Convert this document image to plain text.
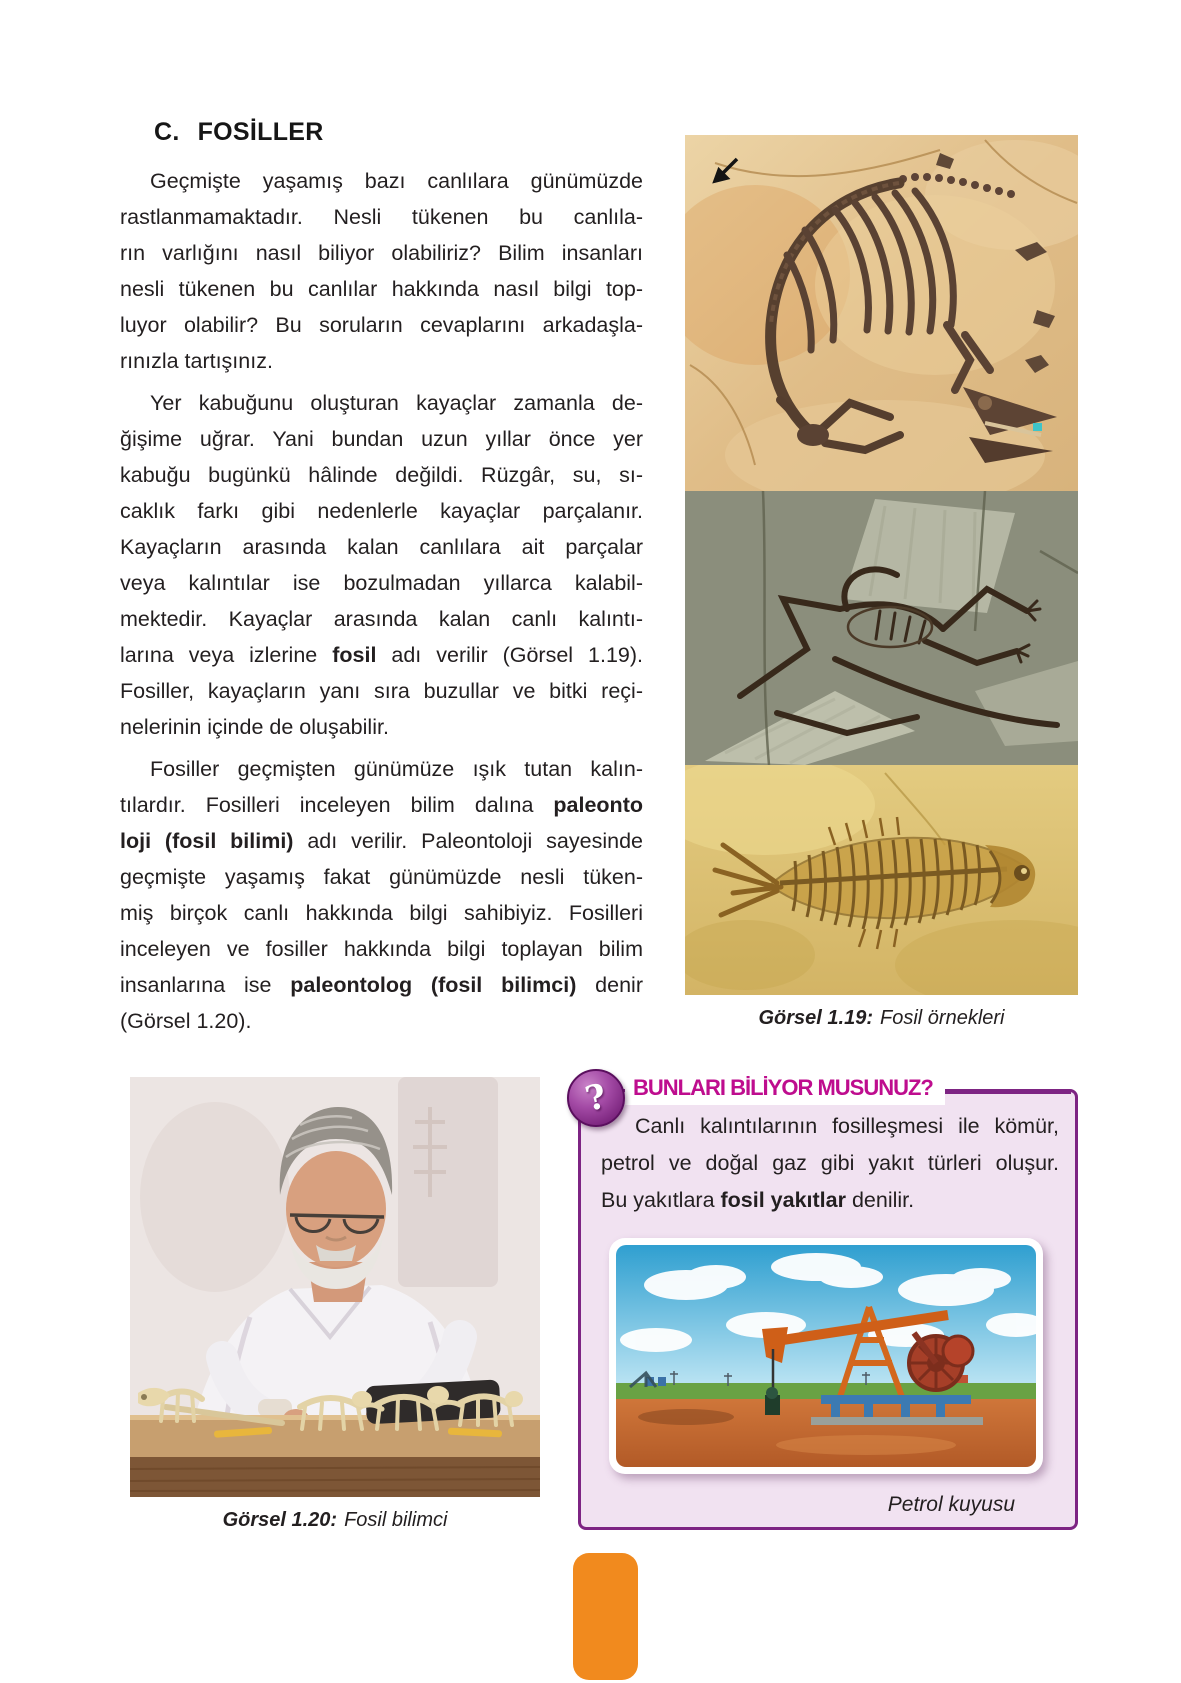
C. FOSİLLER
Geçmişte yaşamış bazı canlılara günümüzde
rastlanmamaktadır. Nesli tükenen bu canlıla-
rın varlığını nasıl biliyor olabiliriz? Bilim insanları
nesli tükenen bu canlılar hakkında nasıl bilgi top-
luyor olabilir? Bu soruların cevaplarını arkadaşla-
rınızla tartışınız.
Yer kabuğunu oluşturan kayaçlar zamanla de-
ğişime uğrar. Yani bundan uzun yıllar önce yer
kabuğu bugünkü hâlinde değildi. Rüzgâr, su, sı-
caklık farkı gibi nedenlerle kayaçlar parçalanır.
Kayaçların arasında kalan canlılara ait parçalar
veya kalıntılar ise bozulmadan yıllarca kalabil-
mektedir. Kayaçlar arasında kalan canlı kalıntı-
larına veya izlerine fosil adı verilir (Görsel 1.19).
Fosiller, kayaçların yanı sıra buzullar ve bitki reçi-
nelerinin içinde de oluşabilir.
Fosiller geçmişten günümüze ışık tutan kalın-
tılardır. Fosilleri inceleyen bilim dalına paleonto
loji (fosil bilimi) adı verilir. Paleontoloji sayesinde
geçmişte yaşamış fakat günümüzde nesli tüken-
miş birçok canlı hakkında bilgi sahibiyiz. Fosilleri
inceleyen ve fosiller hakkında bilgi toplayan bilim
insanlarına ise paleontolog (fosil bilimci) denir
(Görsel 1.20).	Görsel 1.19: Fosil örnekleri
Görsel 1.20: Fosil bilimci
?	BUNLARI BİLİYOR MUSUNUZ?
Canlı kalıntılarının fosilleşmesi ile kömür,
petrol ve doğal gaz gibi yakıt türleri oluşur.
Bu yakıtlara fosil yakıtlar denilir.
Petrol kuyusu
